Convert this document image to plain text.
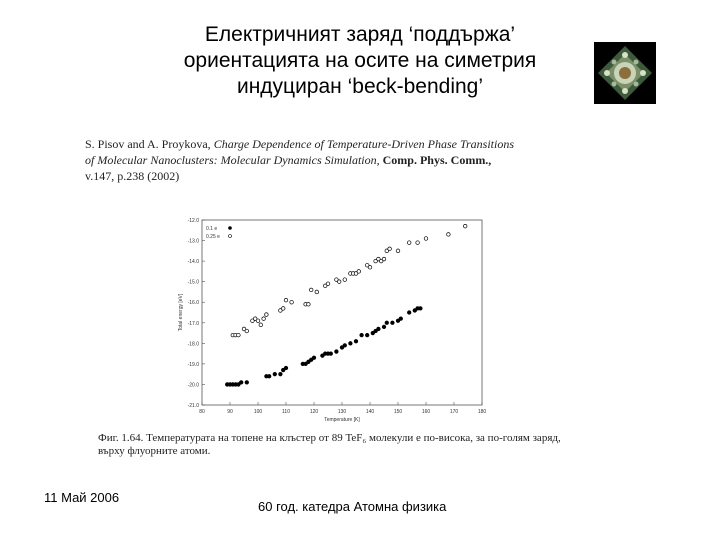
Електричният заряд ‘поддържа’
ориентацията на осите на симетрия
индуциран ‘beck-bending’
S. Pisov and A. Proykova, Charge Dependence of Temperature-Driven Phase Transitions
of Molecular Nanoclusters: Molecular Dynamics Simulation, Comp. Phys. Comm.,
v.147, p.238 (2002)
80	90	100	110	120	130	140	150	160	170	180
-12.0
-13.0
-14.0
-15.0
-16.0
-17.0
-18.0
-19.0
-20.0
-21.0
Temperature [K]
Total energy [eV]
0.1 e
0.25 e
Фиг. 1.64. Температурата на топене на клъстер от 89 TeF₆ молекули е по-висока, за по-голям заряд, върху флуорните атоми.
11 Май 2006
60 год. катедра Атомна физика
